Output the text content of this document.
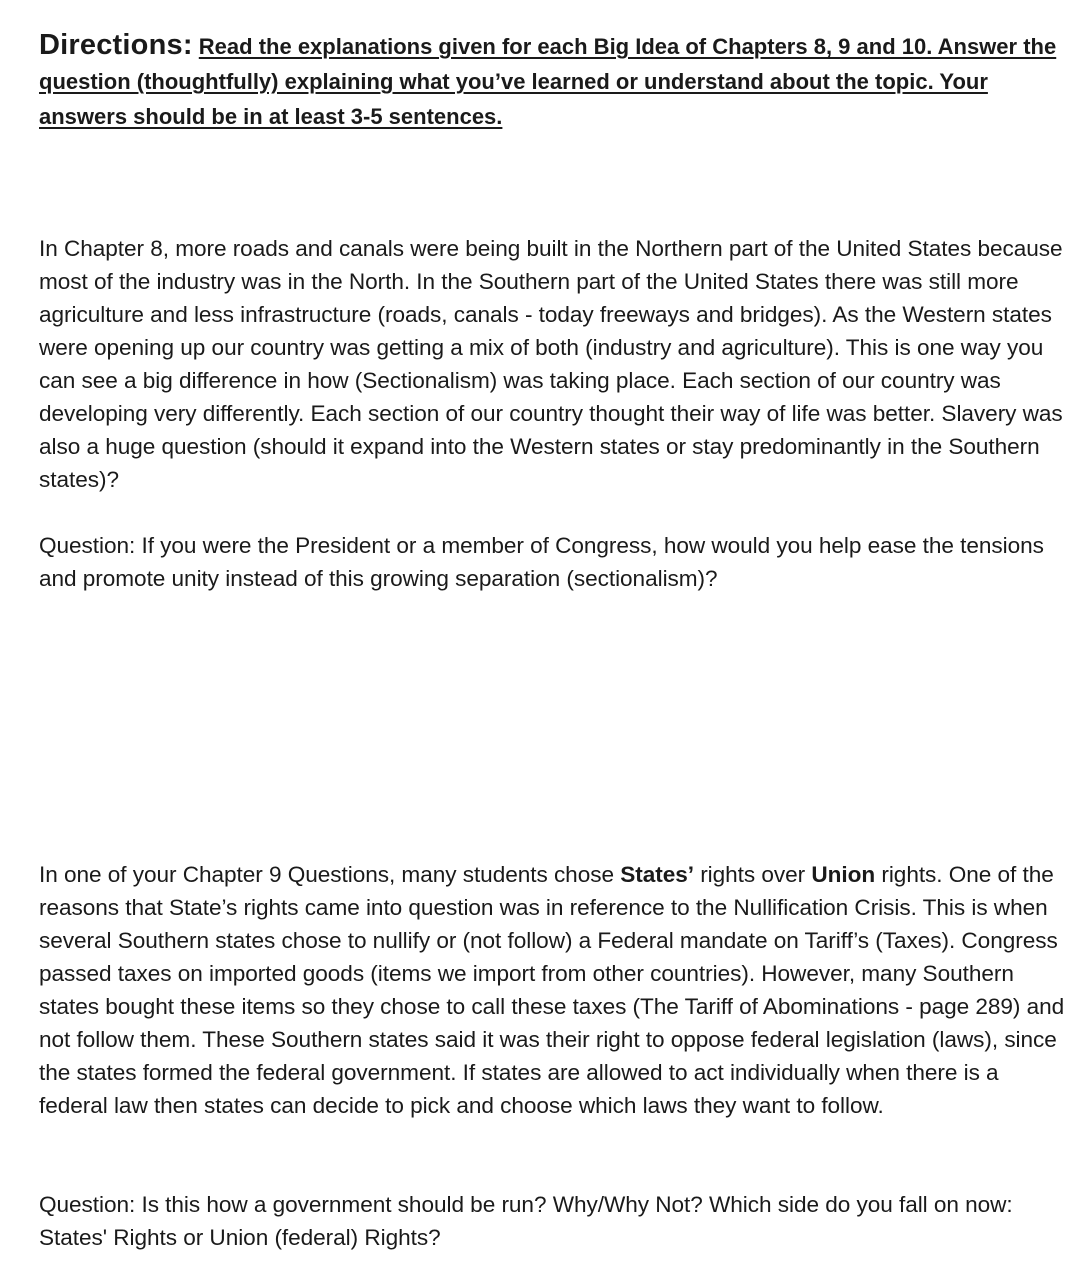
Directions: Read the explanations given for each Big Idea of Chapters 8, 9 and 10. Answer the question (thoughtfully) explaining what you’ve learned or understand about the topic. Your answers should be in at least 3-5 sentences.

In Chapter 8, more roads and canals were being built in the Northern part of the United States because most of the industry was in the North. In the Southern part of the United States there was still more agriculture and less infrastructure (roads, canals - today freeways and bridges). As the Western states were opening up our country was getting a mix of both (industry and agriculture). This is one way you can see a big difference in how (Sectionalism) was taking place. Each section of our country was developing very differently. Each section of our country thought their way of life was better. Slavery was also a huge question (should it expand into the Western states or stay predominantly in the Southern states)?

Question: If you were the President or a member of Congress, how would you help ease the tensions and promote unity instead of this growing separation (sectionalism)?

In one of your Chapter 9 Questions, many students chose States’ rights over Union rights. One of the reasons that State’s rights came into question was in reference to the Nullification Crisis. This is when several Southern states chose to nullify or (not follow) a Federal mandate on Tariff’s (Taxes). Congress passed taxes on imported goods (items we import from other countries). However, many Southern states bought these items so they chose to call these taxes (The Tariff of Abominations - page 289) and not follow them. These Southern states said it was their right to oppose federal legislation (laws), since the states formed the federal government. If states are allowed to act individually when there is a federal law then states can decide to pick and choose which laws they want to follow.

Question: Is this how a government should be run? Why/Why Not? Which side do you fall on now: States' Rights or Union (federal) Rights?
